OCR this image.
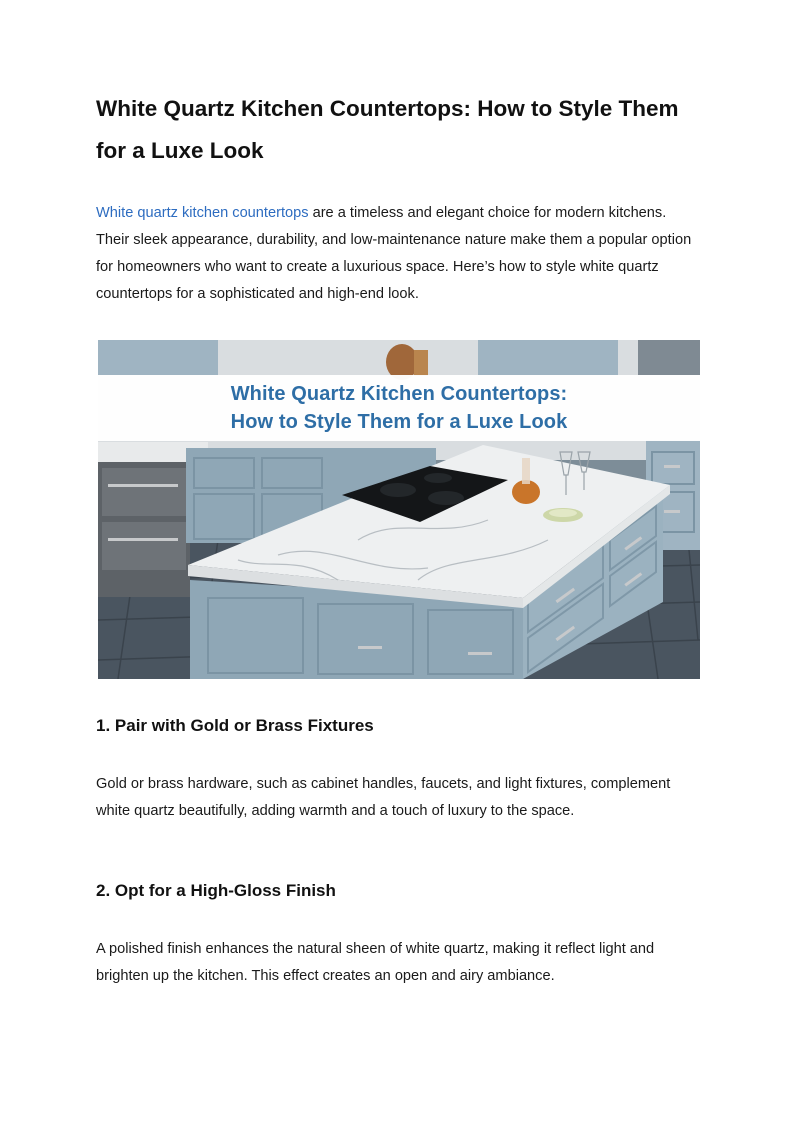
White Quartz Kitchen Countertops: How to Style Them for a Luxe Look

White quartz kitchen countertops are a timeless and elegant choice for modern kitchens. Their sleek appearance, durability, and low-maintenance nature make them a popular option for homeowners who want to create a luxurious space. Here’s how to style white quartz countertops for a sophisticated and high-end look.

White Quartz Kitchen Countertops:
How to Style Them for a Luxe Look
1. Pair with Gold or Brass Fixtures

Gold or brass hardware, such as cabinet handles, faucets, and light fixtures, complement white quartz beautifully, adding warmth and a touch of luxury to the space.

2. Opt for a High-Gloss Finish

A polished finish enhances the natural sheen of white quartz, making it reflect light and brighten up the kitchen. This effect creates an open and airy ambiance.
